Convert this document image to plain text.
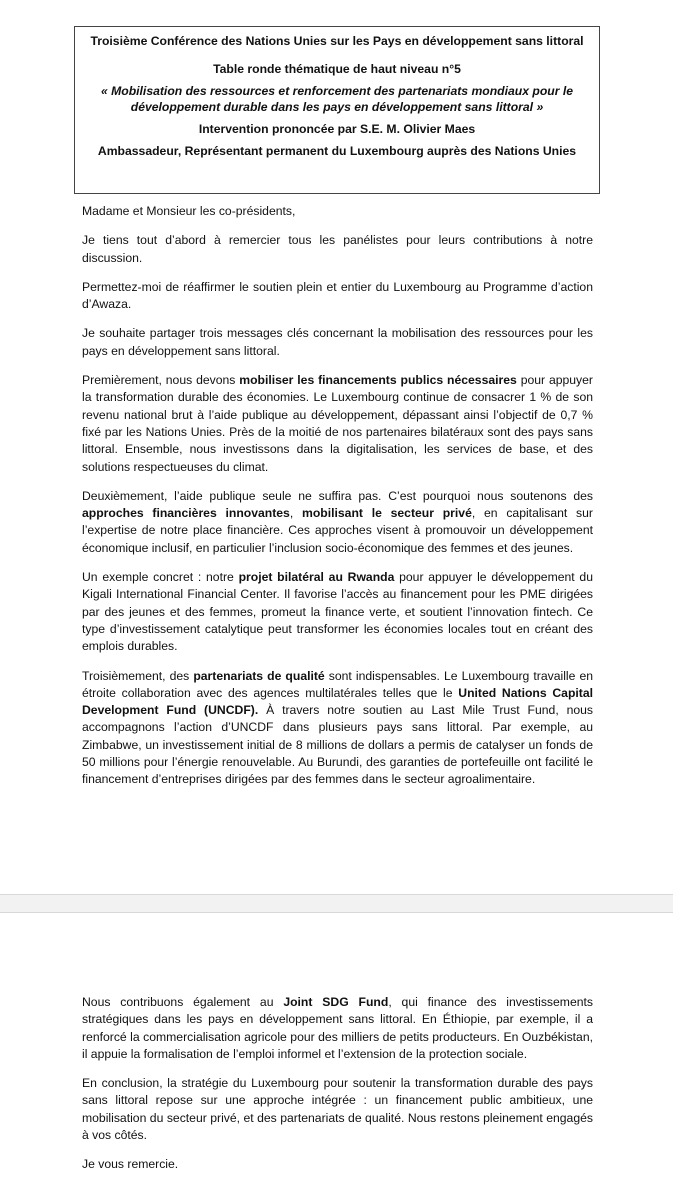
Troisième Conférence des Nations Unies sur les Pays en développement sans littoral
Table ronde thématique de haut niveau n°5
« Mobilisation des ressources et renforcement des partenariats mondiaux pour le développement durable dans les pays en développement sans littoral »
Intervention prononcée par S.E. M. Olivier Maes
Ambassadeur, Représentant permanent du Luxembourg auprès des Nations Unies

Madame et Monsieur les co-présidents,

Je tiens tout d’abord à remercier tous les panélistes pour leurs contributions à notre discussion.

Permettez-moi de réaffirmer le soutien plein et entier du Luxembourg au Programme d’action d’Awaza.

Je souhaite partager trois messages clés concernant la mobilisation des ressources pour les pays en développement sans littoral.

Premièrement, nous devons mobiliser les financements publics nécessaires pour appuyer la transformation durable des économies. Le Luxembourg continue de consacrer 1 % de son revenu national brut à l’aide publique au développement, dépassant ainsi l’objectif de 0,7 % fixé par les Nations Unies. Près de la moitié de nos partenaires bilatéraux sont des pays sans littoral. Ensemble, nous investissons dans la digitalisation, les services de base, et des solutions respectueuses du climat.

Deuxièmement, l’aide publique seule ne suffira pas. C’est pourquoi nous soutenons des approches financières innovantes, mobilisant le secteur privé, en capitalisant sur l’expertise de notre place financière. Ces approches visent à promouvoir un développement économique inclusif, en particulier l’inclusion socio-économique des femmes et des jeunes.

Un exemple concret : notre projet bilatéral au Rwanda pour appuyer le développement du Kigali International Financial Center. Il favorise l’accès au financement pour les PME dirigées par des jeunes et des femmes, promeut la finance verte, et soutient l’innovation fintech. Ce type d’investissement catalytique peut transformer les économies locales tout en créant des emplois durables.

Troisièmement, des partenariats de qualité sont indispensables. Le Luxembourg travaille en étroite collaboration avec des agences multilatérales telles que le United Nations Capital Development Fund (UNCDF). À travers notre soutien au Last Mile Trust Fund, nous accompagnons l’action d’UNCDF dans plusieurs pays sans littoral. Par exemple, au Zimbabwe, un investissement initial de 8 millions de dollars a permis de catalyser un fonds de 50 millions pour l’énergie renouvelable. Au Burundi, des garanties de portefeuille ont facilité le financement d’entreprises dirigées par des femmes dans le secteur agroalimentaire.

Nous contribuons également au Joint SDG Fund, qui finance des investissements stratégiques dans les pays en développement sans littoral. En Éthiopie, par exemple, il a renforcé la commercialisation agricole pour des milliers de petits producteurs. En Ouzbékistan, il appuie la formalisation de l’emploi informel et l’extension de la protection sociale.

En conclusion, la stratégie du Luxembourg pour soutenir la transformation durable des pays sans littoral repose sur une approche intégrée : un financement public ambitieux, une mobilisation du secteur privé, et des partenariats de qualité. Nous restons pleinement engagés à vos côtés.

Je vous remercie.
